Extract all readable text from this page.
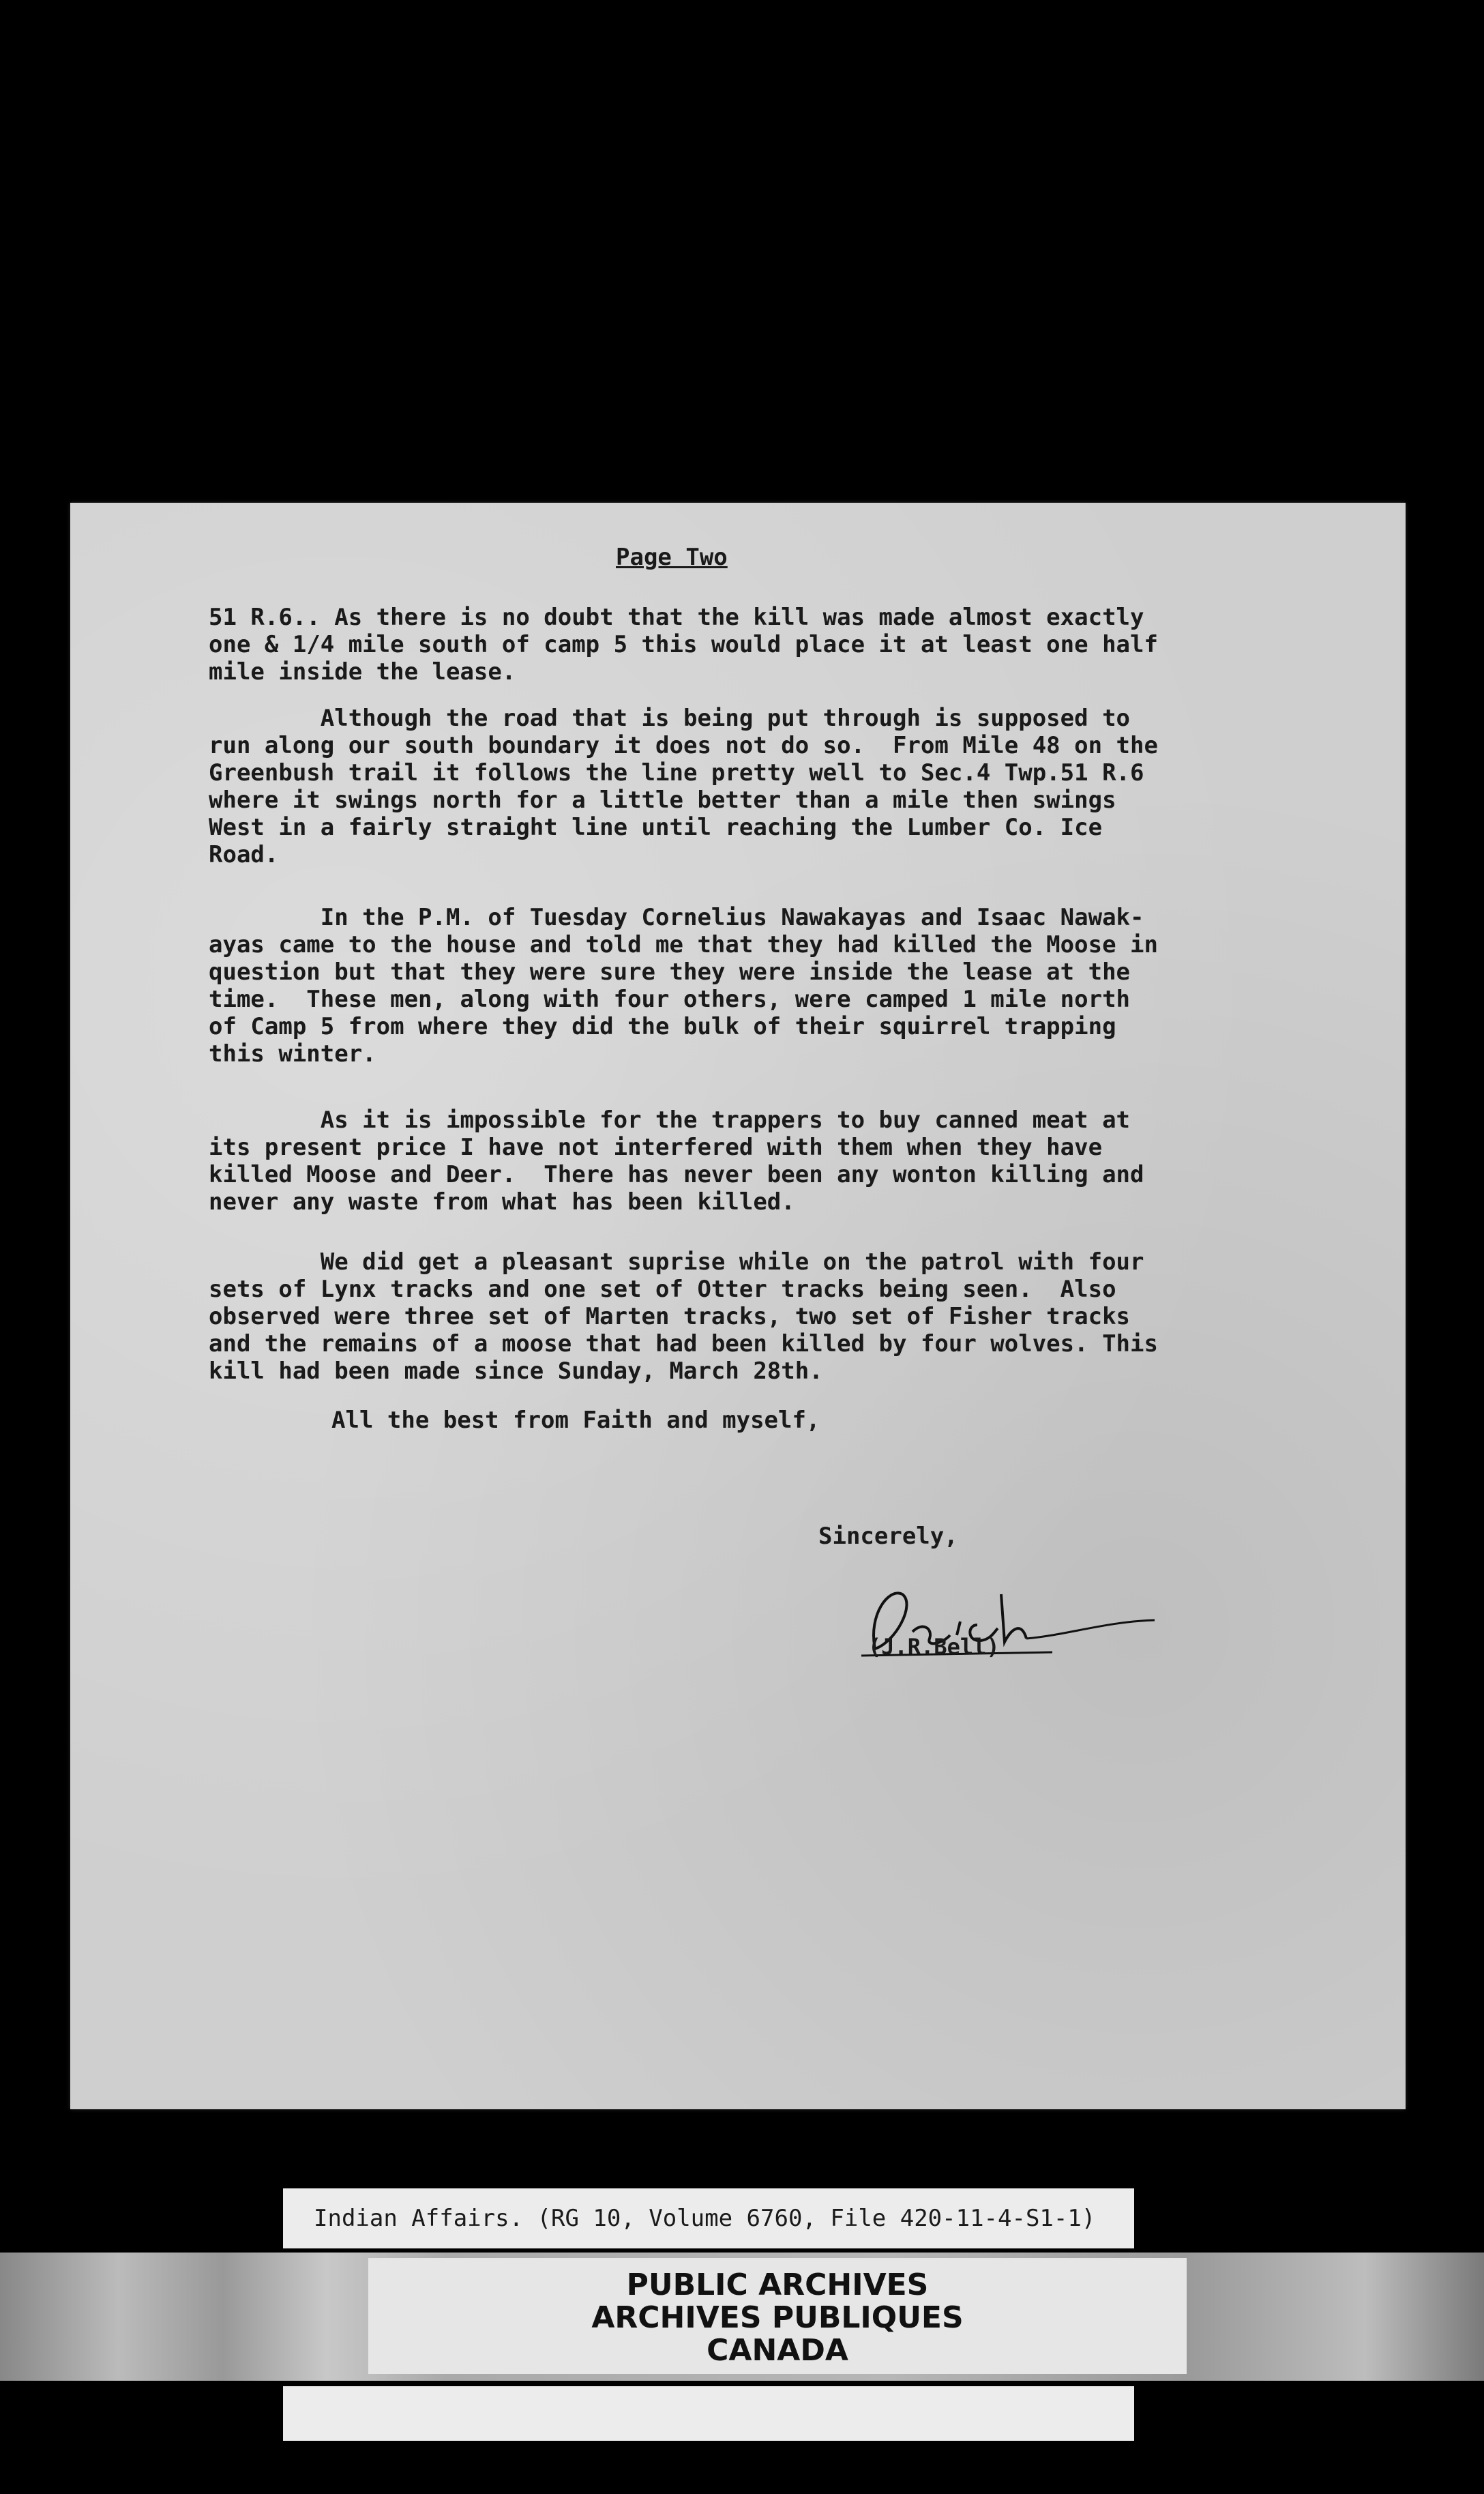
Page Two
51 R.6.. As there is no doubt that the kill was made almost exactly
one & 1/4 mile south of camp 5 this would place it at least one half
mile inside the lease.
Although the road that is being put through is supposed to
run along our south boundary it does not do so.  From Mile 48 on the
Greenbush trail it follows the line pretty well to Sec.4 Twp.51 R.6
where it swings north for a little better than a mile then swings
West in a fairly straight line until reaching the Lumber Co. Ice
Road.
In the P.M. of Tuesday Cornelius Nawakayas and Isaac Nawak-
ayas came to the house and told me that they had killed the Moose in
question but that they were sure they were inside the lease at the
time.  These men, along with four others, were camped 1 mile north
of Camp 5 from where they did the bulk of their squirrel trapping
this winter.
As it is impossible for the trappers to buy canned meat at
its present price I have not interfered with them when they have
killed Moose and Deer.  There has never been any wonton killing and
never any waste from what has been killed.
We did get a pleasant suprise while on the patrol with four
sets of Lynx tracks and one set of Otter tracks being seen.  Also
observed were three set of Marten tracks, two set of Fisher tracks
and the remains of a moose that had been killed by four wolves. This
kill had been made since Sunday, March 28th.
All the best from Faith and myself,
Sincerely,
(J.R.Bell)
Indian Affairs. (RG 10, Volume 6760, File 420-11-4-S1-1)
PUBLIC ARCHIVES
ARCHIVES PUBLIQUES
CANADA
